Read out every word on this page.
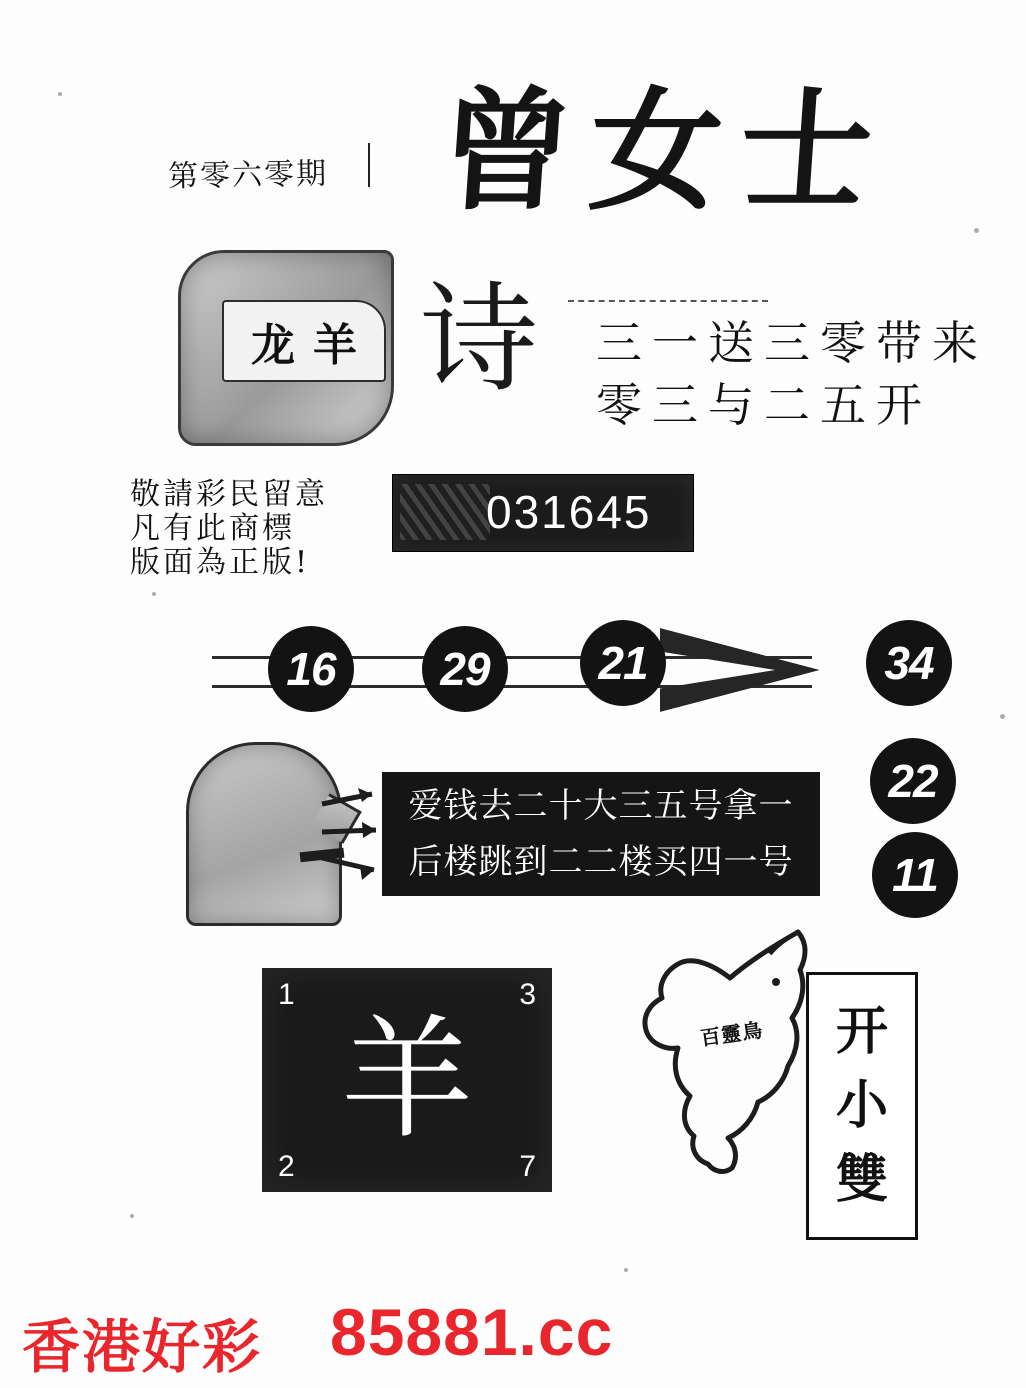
第零六零期 曾女士
龙 羊 诗 三一送三零带来
零三与二五开
敬請彩民留意
凡有此商標
版面為正版!
031645
16	29	21	34
22
11
爱钱去二十大三五号拿一
后楼跳到二二楼买四一号
羊
1	3
2	7
百靈鳥 开
小
雙
香港好彩 85881.cc
